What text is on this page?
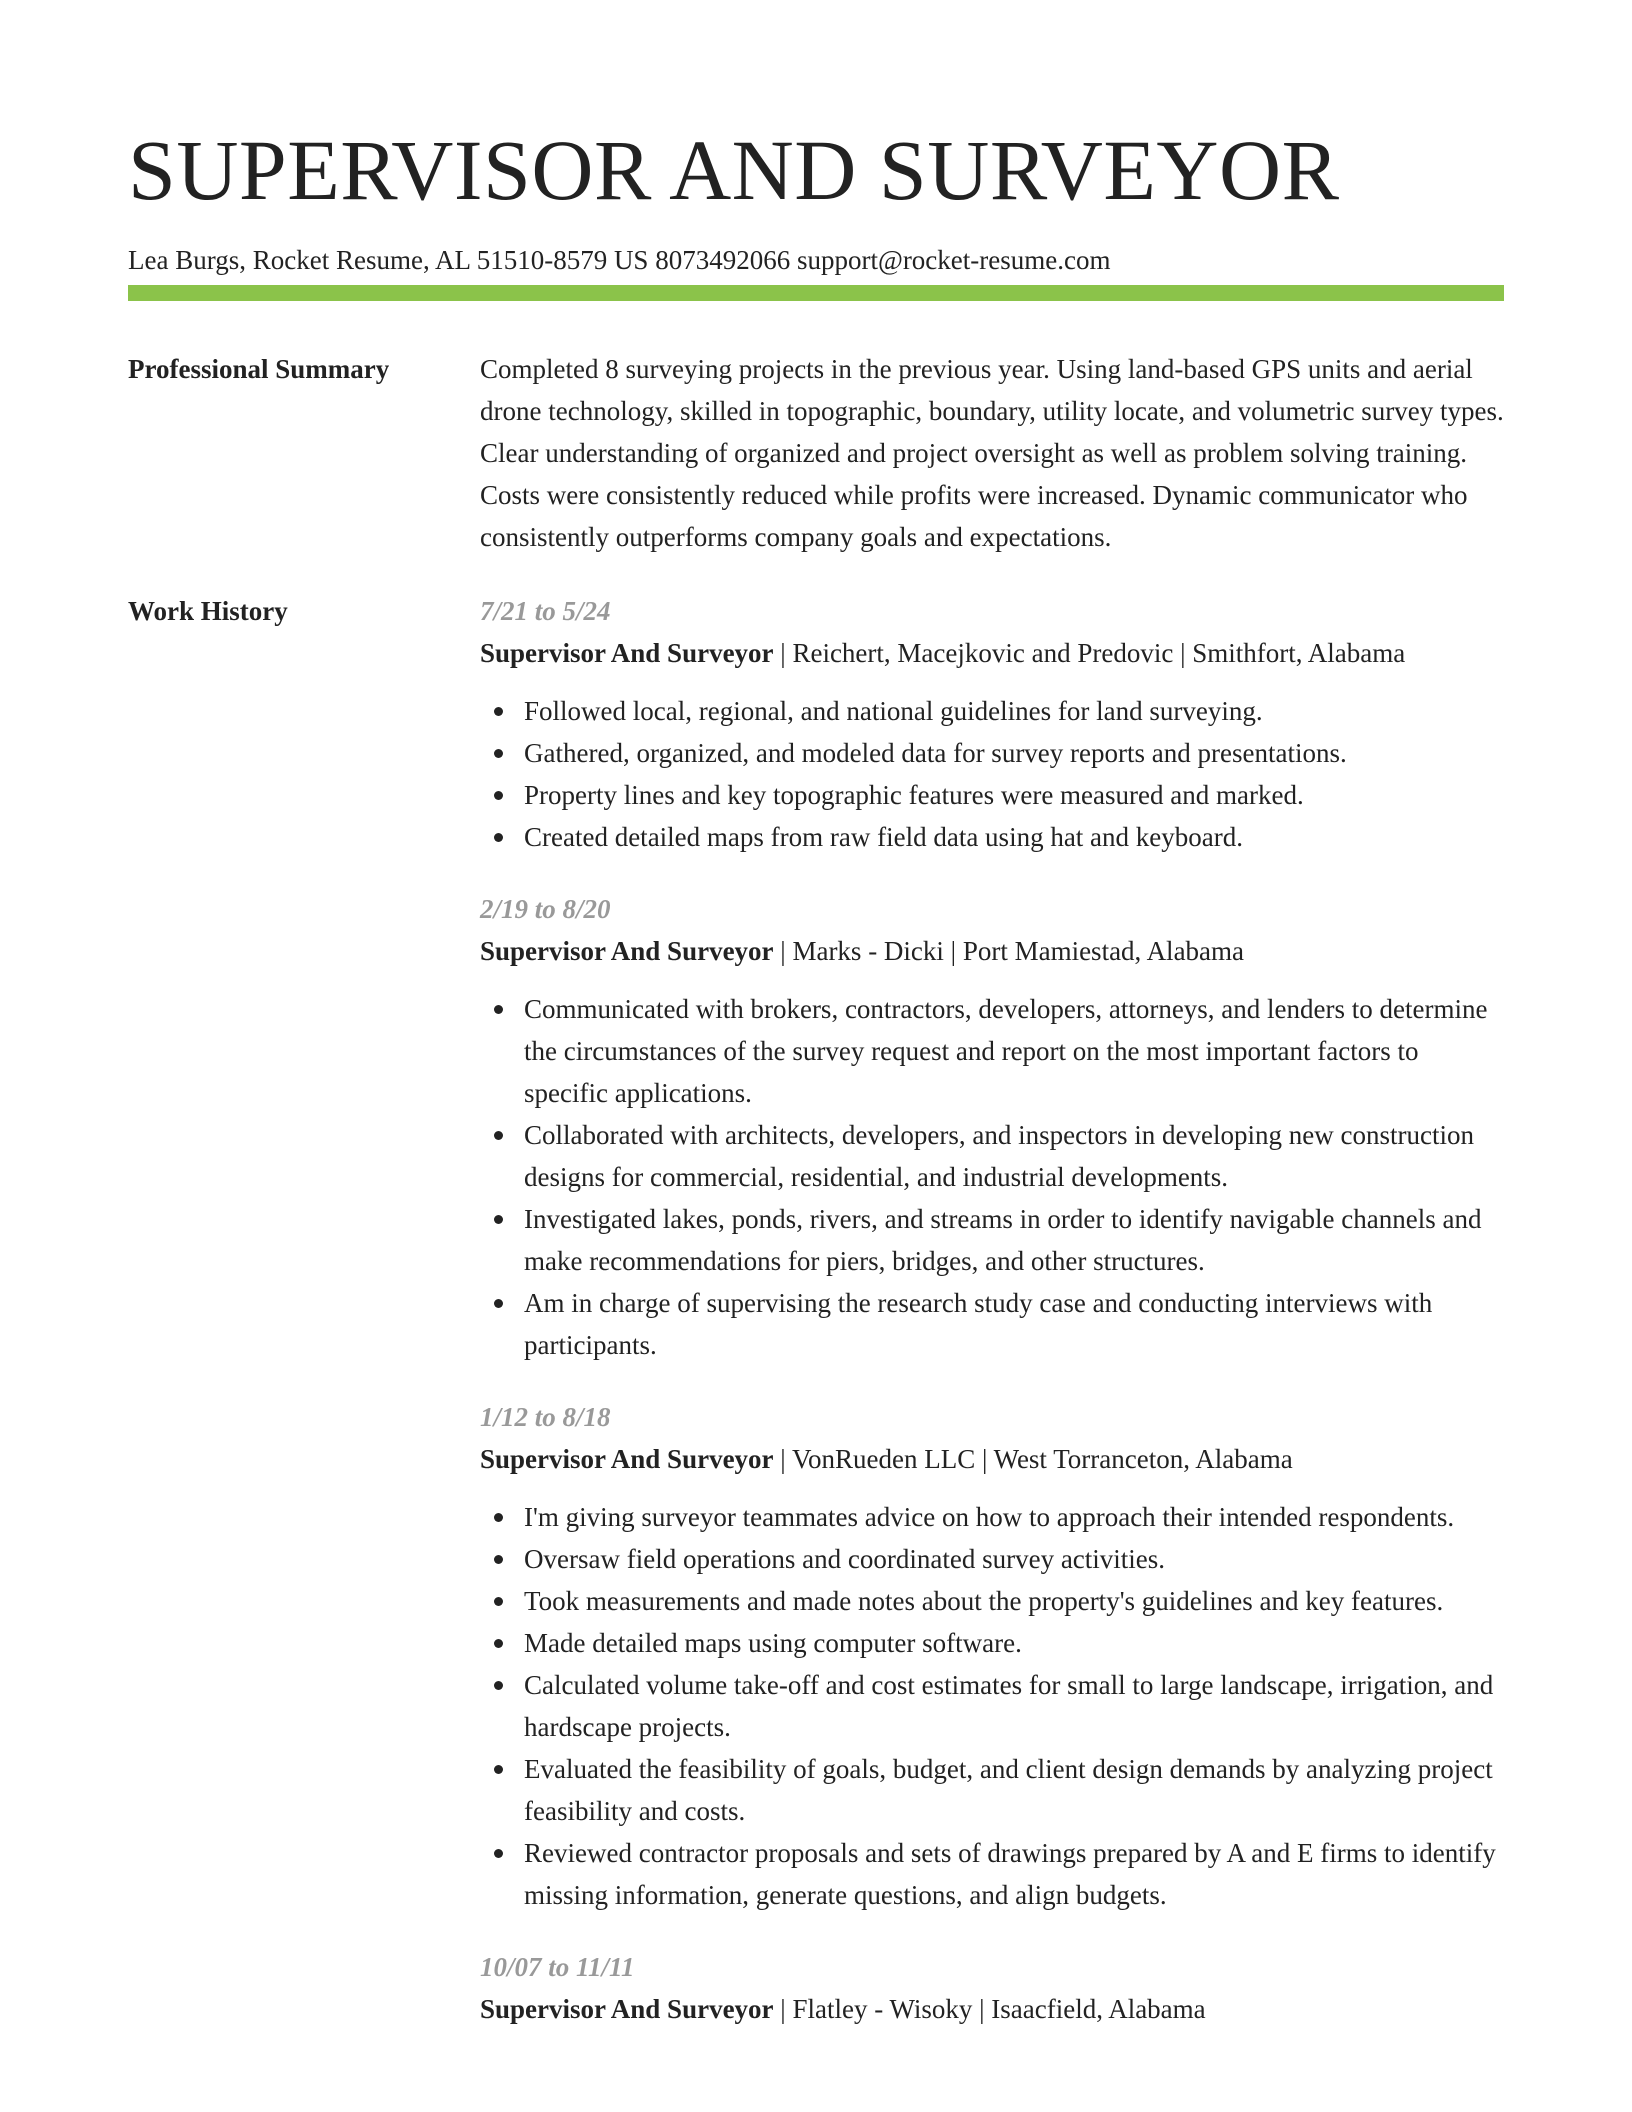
SUPERVISOR AND SURVEYOR
Lea Burgs, Rocket Resume, AL 51510-8579 US 8073492066 support@rocket-resume.com
Professional Summary	Completed 8 surveying projects in the previous year. Using land-based GPS units and aerial drone technology, skilled in topographic, boundary, utility locate, and volumetric survey types. Clear understanding of organized and project oversight as well as problem solving training. Costs were consistently reduced while profits were increased. Dynamic communicator who consistently outperforms company goals and expectations.

Work History	7/21 to 5/24
Supervisor And Surveyor | Reichert, Macejkovic and Predovic | Smithfort, Alabama
Followed local, regional, and national guidelines for land surveying.
Gathered, organized, and modeled data for survey reports and presentations.
Property lines and key topographic features were measured and marked.
Created detailed maps from raw field data using hat and keyboard.
2/19 to 8/20
Supervisor And Surveyor | Marks - Dicki | Port Mamiestad, Alabama
Communicated with brokers, contractors, developers, attorneys, and lenders to determine the circumstances of the survey request and report on the most important factors to specific applications.
Collaborated with architects, developers, and inspectors in developing new construction designs for commercial, residential, and industrial developments.
Investigated lakes, ponds, rivers, and streams in order to identify navigable channels and make recommendations for piers, bridges, and other structures.
Am in charge of supervising the research study case and conducting interviews with participants.
1/12 to 8/18
Supervisor And Surveyor | VonRueden LLC | West Torranceton, Alabama
I'm giving surveyor teammates advice on how to approach their intended respondents.
Oversaw field operations and coordinated survey activities.
Took measurements and made notes about the property's guidelines and key features.
Made detailed maps using computer software.
Calculated volume take-off and cost estimates for small to large landscape, irrigation, and hardscape projects.
Evaluated the feasibility of goals, budget, and client design demands by analyzing project feasibility and costs.
Reviewed contractor proposals and sets of drawings prepared by A and E firms to identify missing information, generate questions, and align budgets.
10/07 to 11/11
Supervisor And Surveyor | Flatley - Wisoky | Isaacfield, Alabama
